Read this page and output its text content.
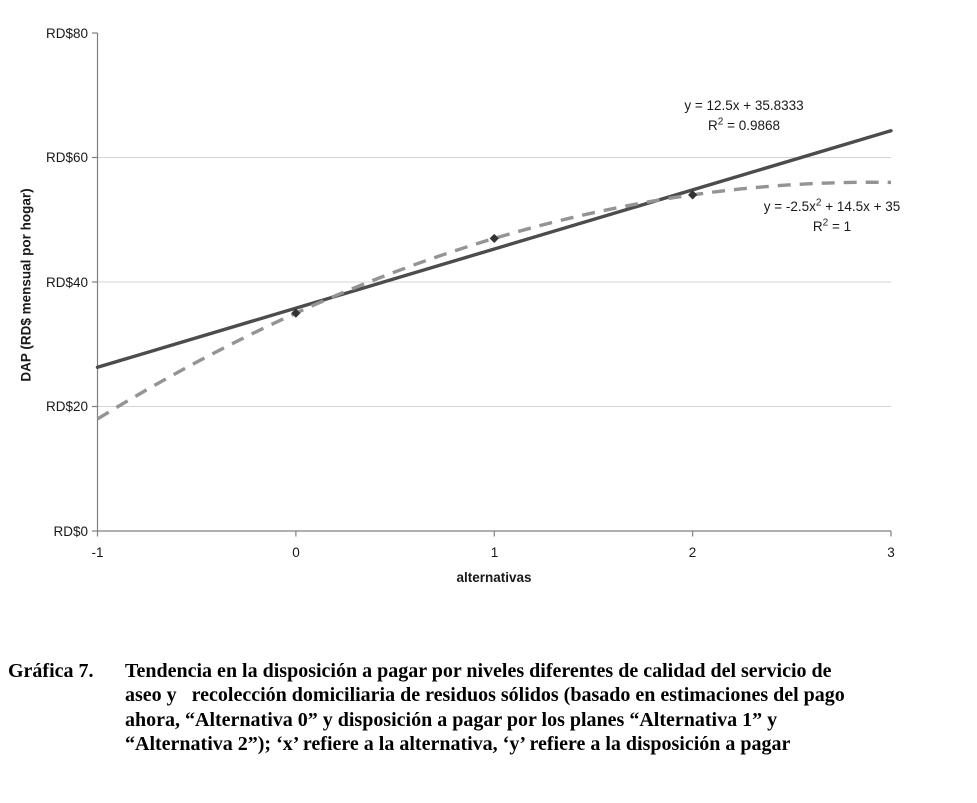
RD$80
RD$60
RD$40
RD$20
RD$0
-1	0	1	2	3
alternativas
DAP (RD$ mensual por hogar)
y = 12.5x + 35.8333
$R^2 = 0.9868$
$y = -2.5x^2 + 14.5x + 35$
$R^2 = 1$
Gráfica 7. Tendencia en la disposición a pagar por niveles diferentes de calidad del servicio de
aseo y   recolección domiciliaria de residuos sólidos (basado en estimaciones del pago
ahora, “Alternativa 0” y disposición a pagar por los planes “Alternativa 1” y
“Alternativa 2”); ‘x’ refiere a la alternativa, ‘y’ refiere a la disposición a pagar
